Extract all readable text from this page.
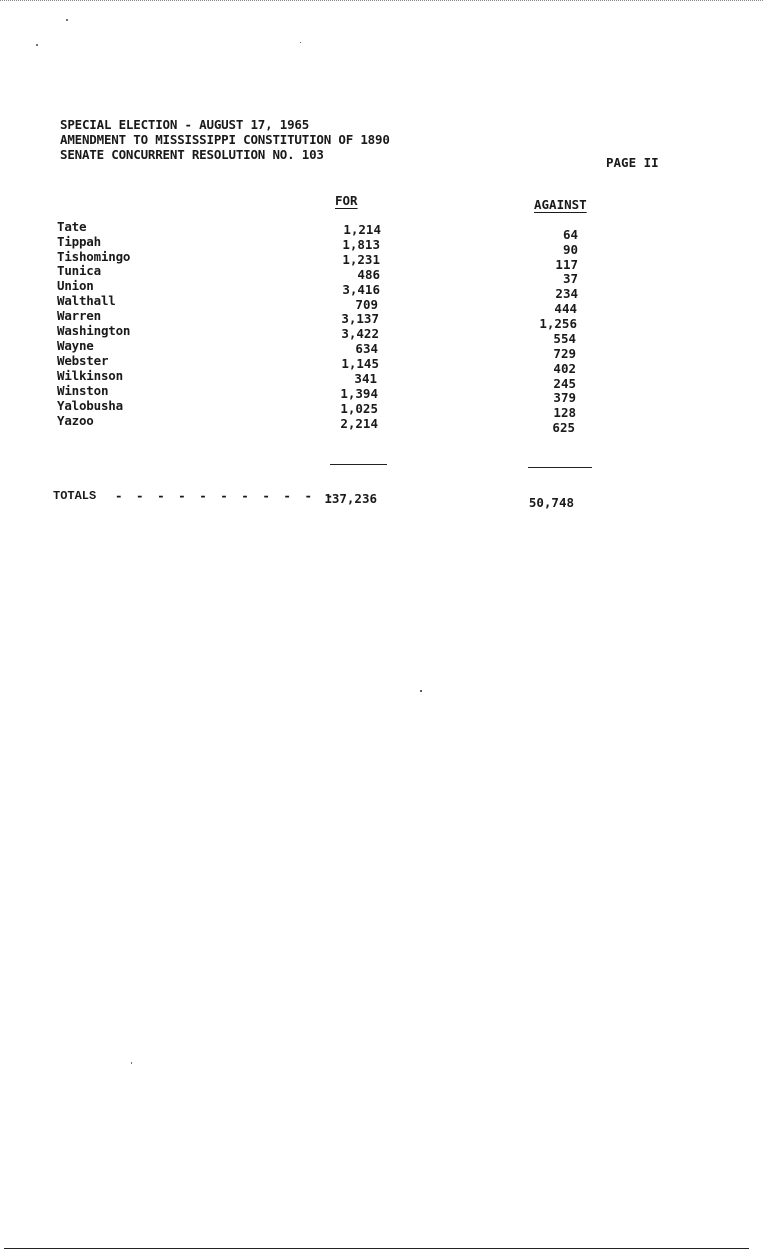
SPECIAL ELECTION - AUGUST 17, 1965
AMENDMENT TO MISSISSIPPI CONSTITUTION OF 1890
SENATE CONCURRENT RESOLUTION NO. 103
PAGE II
FOR	AGAINST
Tate
Tippah
Tishomingo
Tunica
Union
Walthall
Warren
Washington
Wayne
Webster
Wilkinson
Winston
Yalobusha
Yazoo
1,214
1,813
1,231
486
3,416
709
3,137
3,422
634
1,145
341
1,394
1,025
2,214
64
90
117
37
234
444
1,256
554
729
402
245
379
128
625
TOTALS - - - - - - - - - - -
137,236	50,748
